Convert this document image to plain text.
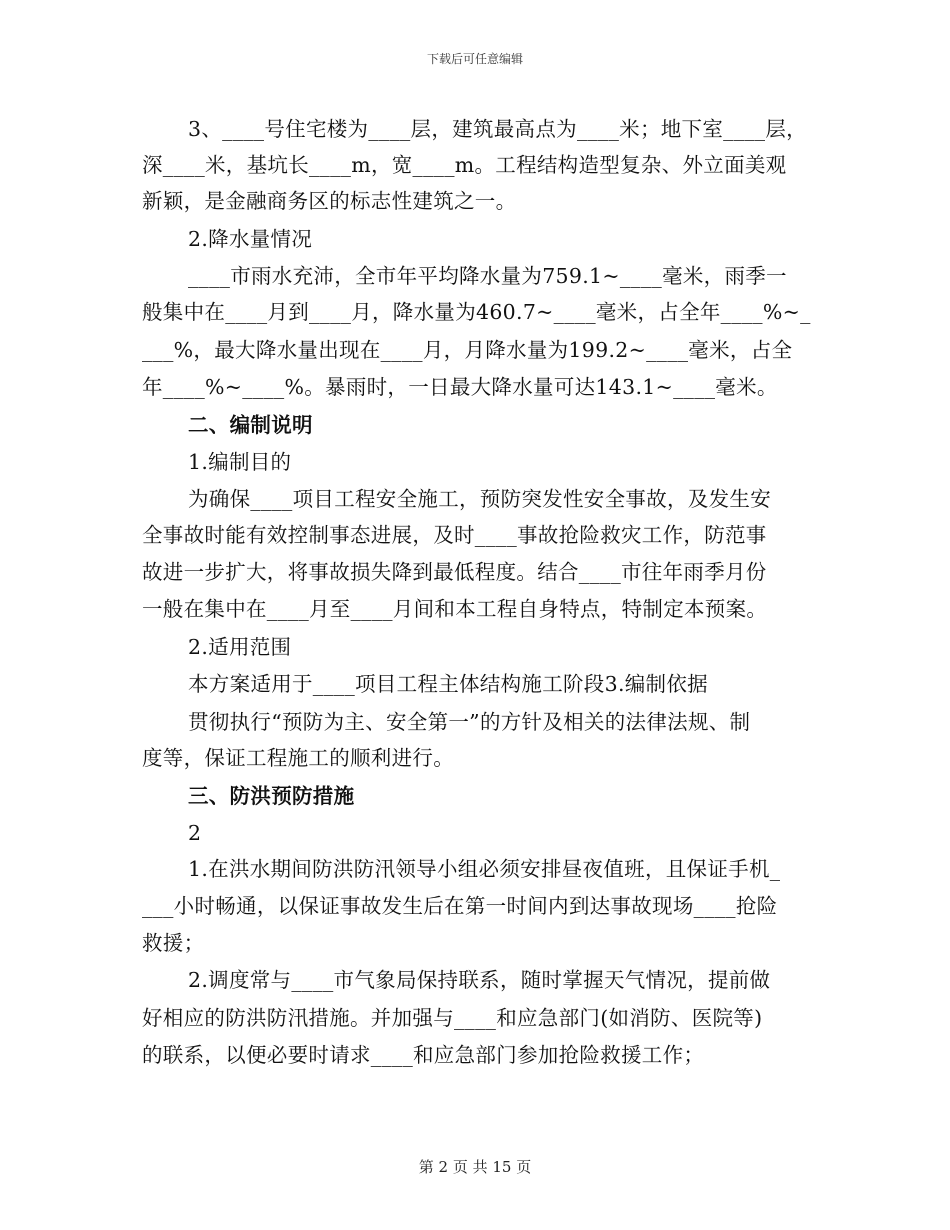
下载后可任意编辑
3、____号住宅楼为____层，建筑最高点为____米；地下室____层，
深____米，基坑长____m，宽____m。工程结构造型复杂、外立面美观
新颖，是金融商务区的标志性建筑之一。
2.降水量情况
____市雨水充沛，全市年平均降水量为759.1~____毫米，雨季一
般集中在____月到____月，降水量为460.7~____毫米，占全年____%~_
___%，最大降水量出现在____月，月降水量为199.2~____毫米，占全
年____%~____%。暴雨时，一日最大降水量可达143.1~____毫米。
二、编制说明
1.编制目的
为确保____项目工程安全施工，预防突发性安全事故，及发生安
全事故时能有效控制事态进展，及时____事故抢险救灾工作，防范事
故进一步扩大，将事故损失降到最低程度。结合____市往年雨季月份
一般在集中在____月至____月间和本工程自身特点，特制定本预案。
2.适用范围
本方案适用于____项目工程主体结构施工阶段3.编制依据
贯彻执行“预防为主、安全第一”的方针及相关的法律法规、制
度等，保证工程施工的顺利进行。
三、防洪预防措施
2
1.在洪水期间防洪防汛领导小组必须安排昼夜值班，且保证手机_
___小时畅通，以保证事故发生后在第一时间内到达事故现场____抢险
救援；
2.调度常与____市气象局保持联系，随时掌握天气情况，提前做
好相应的防洪防汛措施。并加强与____和应急部门(如消防、医院等)
的联系，以便必要时请求____和应急部门参加抢险救援工作；
第 2 页 共 15 页
